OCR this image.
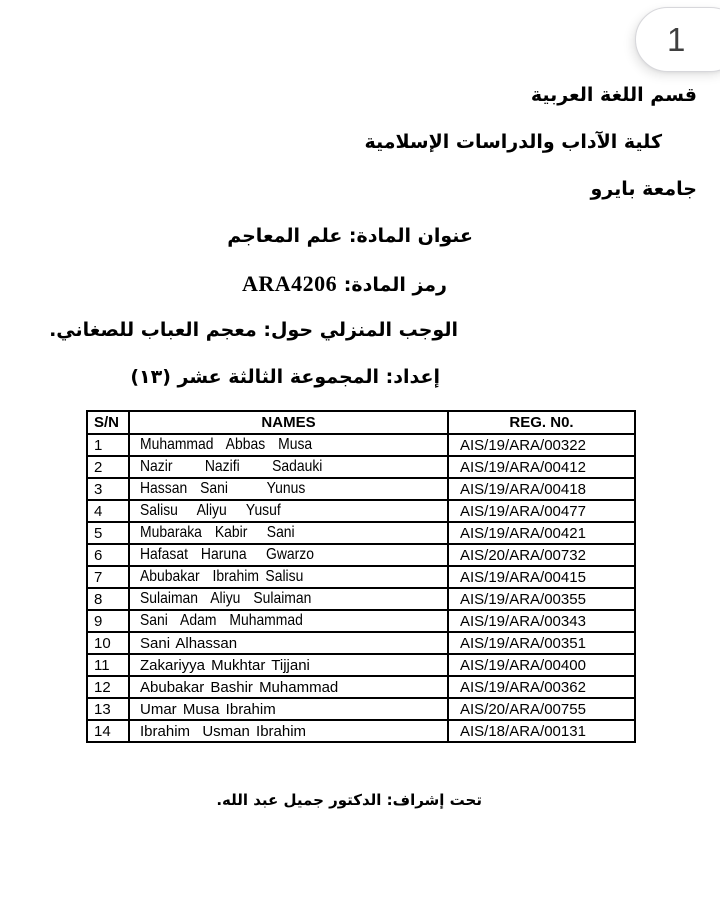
1
قسم اللغة العربية
كلية الآداب والدراسات الإسلامية
جامعة بايرو
عنوان المادة: علم المعاجم
رمز المادة: ARA4206
الوجب المنزلي حول: معجم العباب للصغاني.
إعداد: المجموعة الثالثة عشر (١٣)
S/N	NAMES	REG. N0.
1	Muhammad  Abbas  Musa	AIS/19/ARA/00322
2	Nazir     Nazifi     Sadauki	AIS/19/ARA/00412
3	Hassan  Sani      Yunus	AIS/19/ARA/00418
4	Salisu   Aliyu   Yusuf	AIS/19/ARA/00477
5	Mubaraka  Kabir   Sani	AIS/19/ARA/00421
6	Hafasat  Haruna   Gwarzo	AIS/20/ARA/00732
7	Abubakar  Ibrahim Salisu	AIS/19/ARA/00415
8	Sulaiman  Aliyu  Sulaiman	AIS/19/ARA/00355
9	Sani  Adam  Muhammad	AIS/19/ARA/00343
10	Sani Alhassan	AIS/19/ARA/00351
11	Zakariyya Mukhtar Tijjani	AIS/19/ARA/00400
12	Abubakar Bashir Muhammad	AIS/19/ARA/00362
13	Umar Musa Ibrahim	AIS/20/ARA/00755
14	Ibrahim  Usman Ibrahim	AIS/18/ARA/00131
تحت إشراف: الدكتور جميل عبد الله.
